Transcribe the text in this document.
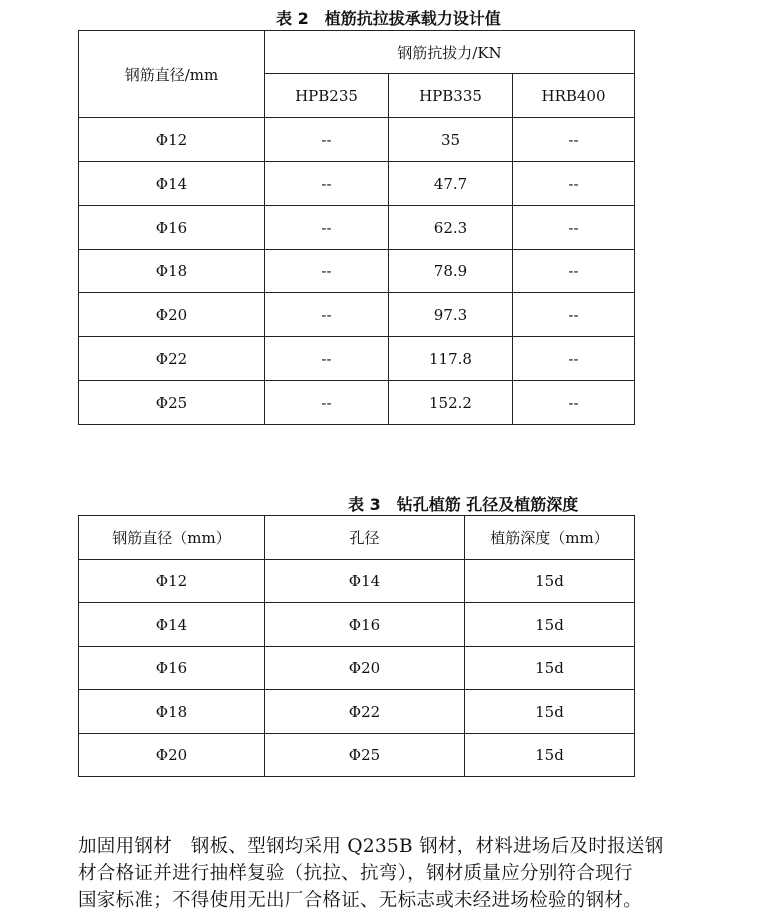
表 2　植筋抗拉拔承载力设计值
钢筋直径/mm	钢筋抗拔力/KN		
	HPB235	HPB335	HRB400
Φ12	--	35	--
Φ14	--	47.7	--
Φ16	--	62.3	--
Φ18	--	78.9	--
Φ20	--	97.3	--
Φ22	--	117.8	--
Φ25	--	152.2	--
表 3　钻孔植筋 孔径及植筋深度
钢筋直径（mm）	孔径	植筋深度（mm）
Φ12	Φ14	15d
Φ14	Φ16	15d
Φ16	Φ20	15d
Φ18	Φ22	15d
Φ20	Φ25	15d
加固用钢材　钢板、型钢均采用 Q235B 钢材，材料进场后及时报送钢
材合格证并进行抽样复验（抗拉、抗弯），钢材质量应分别符合现行
国家标准；不得使用无出厂合格证、无标志或未经进场检验的钢材。
